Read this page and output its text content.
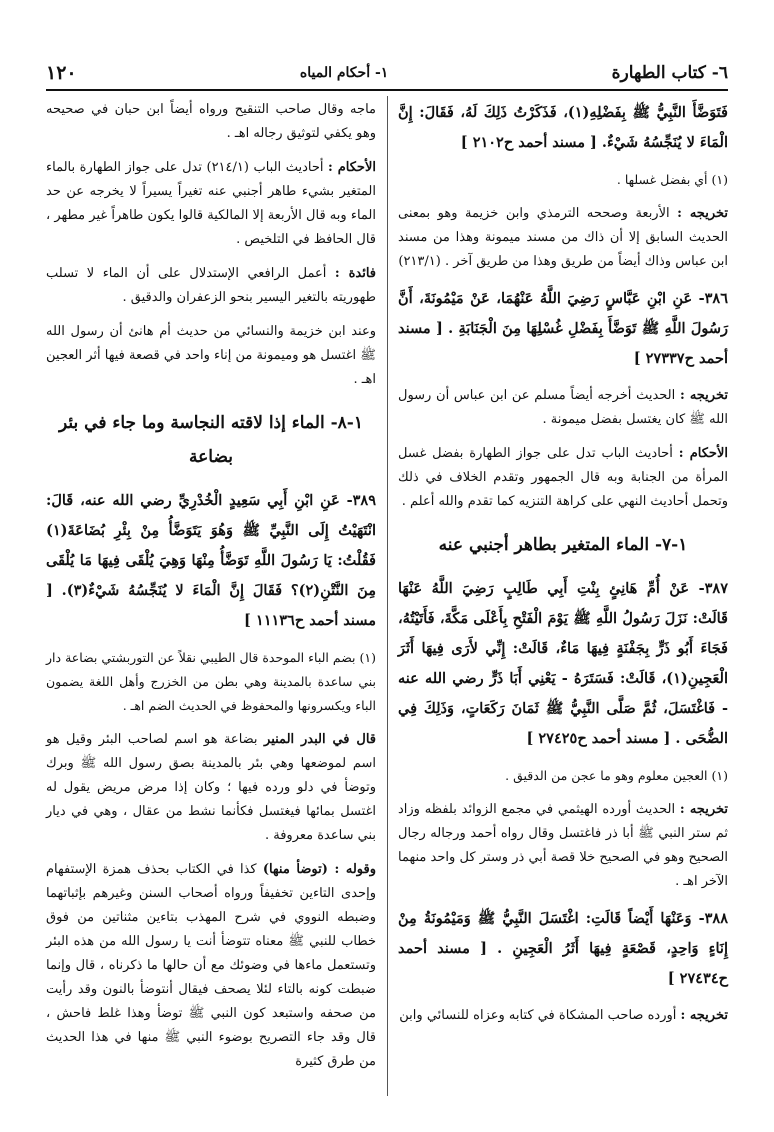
٦- كتاب الطهارة
١- أحكام المياه
١٢٠

فَتَوَضَّأَ النَّبِيُّ ﷺ بِفَضْلِهِ(١)، فَذَكَرْتُ ذَلِكَ لَهُ، فَقَالَ: إِنَّ الْمَاءَ لا يُنَجِّسُهُ شَيْءٌ. [ مسند أحمد ح٢١٠٢ ]

(١) أي بفضل غسلها .

تخريجه : الأربعة وصححه الترمذي وابن خزيمة وهو بمعنى الحديث السابق إلا أن ذاك من مسند ميمونة وهذا من مسند ابن عباس وذاك أيضاً من طريق وهذا من طريق آخر . (٢١٣/١)

٣٨٦- عَنِ ابْنِ عَبَّاسٍ رَضِيَ اللَّهُ عَنْهُمَا، عَنْ مَيْمُونَةَ، أَنَّ رَسُولَ اللَّهِ ﷺ تَوَضَّأَ بِفَضْلِ غُسْلِهَا مِنَ الْجَنَابَةِ . [ مسند أحمد ح٢٧٣٣٧ ]

تخريجه : الحديث أخرجه أيضاً مسلم عن ابن عباس أن رسول الله ﷺ كان يغتسل بفضل ميمونة .

الأحكام : أحاديث الباب تدل على جواز الطهارة بفضل غسل المرأة من الجنابة وبه قال الجمهور وتقدم الخلاف في ذلك وتحمل أحاديث النهي على كراهة التنزيه كما تقدم والله أعلم .

١-٧- الماء المتغير بطاهر أجنبي عنه

٣٨٧- عَنْ أُمِّ هَانِئٍ بِنْتِ أَبِي طَالِبٍ رَضِيَ اللَّهُ عَنْهَا قَالَتْ: نَزَلَ رَسُولُ اللَّهِ ﷺ يَوْمَ الْفَتْحِ بِأَعْلَى مَكَّةَ، فَأَتَيْتُهُ، فَجَاءَ أَبُو ذَرٍّ بِجَفْنَةٍ فِيهَا مَاءٌ، قَالَتْ: إِنِّي لأَرَى فِيهَا أَثَرَ الْعَجِينِ(١)، قَالَتْ: فَسَتَرَهُ - يَعْنِي أَبَا ذَرٍّ رضي الله عنه - فَاغْتَسَلَ، ثُمَّ صَلَّى النَّبِيُّ ﷺ ثَمَانَ رَكَعَاتٍ، وَذَلِكَ فِي الضُّحَى . [ مسند أحمد ح٢٧٤٢٥ ]

(١) العجين معلوم وهو ما عجن من الدقيق .

تخريجه : الحديث أورده الهيثمي في مجمع الزوائد بلفظه وزاد ثم ستر النبي ﷺ أبا ذر فاغتسل وقال رواه أحمد ورجاله رجال الصحيح وهو في الصحيح خلا قصة أبي ذر وستر كل واحد منهما الآخر اهـ .

٣٨٨- وَعَنْهَا أَيْضاً قَالَتِ: اغْتَسَلَ النَّبِيُّ ﷺ وَمَيْمُونَةُ مِنْ إِنَاءٍ وَاحِدٍ، قَصْعَةٍ فِيهَا أَثَرُ الْعَجِينِ . [ مسند أحمد ح٢٧٤٣٤ ]

تخريجه : أورده صاحب المشكاة في كتابه وعزاه للنسائي وابن

ماجه وقال صاحب التنقيح ورواه أيضاً ابن حبان في صحيحه وهو يكفي لتوثيق رجاله اهـ .

الأحكام : أحاديث الباب (٢١٤/١) تدل على جواز الطهارة بالماء المتغير بشيء طاهر أجنبي عنه تغيراً يسيراً لا يخرجه عن حد الماء وبه قال الأربعة إلا المالكية قالوا يكون طاهراً غير مطهر ، قال الحافظ في التلخيص .

فائدة : أعمل الرافعي الإستدلال على أن الماء لا تسلب طهوريته بالتغير اليسير بنحو الزعفران والدقيق .

وعند ابن خزيمة والنسائي من حديث أم هانئ أن رسول الله ﷺ اغتسل هو وميمونة من إناء واحد في قصعة فيها أثر العجين اهـ .

١-٨- الماء إذا لاقته النجاسة وما جاء في بئر بضاعة

٣٨٩- عَنِ ابْنِ أَبِي سَعِيدٍ الْخُدْرِيِّ رضي الله عنه، قَالَ: انْتَهَيْتُ إِلَى النَّبِيِّ ﷺ وَهُوَ يَتَوَضَّأُ مِنْ بِئْرِ بُضَاعَةَ(١) فَقُلْتُ: يَا رَسُولَ اللَّهِ تَوَضَّأُ مِنْهَا وَهِيَ يُلْقَى فِيهَا مَا يُلْقَى مِنَ النَّتْنِ(٢)؟ فَقَالَ إِنَّ الْمَاءَ لا يُنَجِّسُهُ شَيْءٌ(٣). [ مسند أحمد ح١١١٣٦ ]

(١) بضم الباء الموحدة قال الطيبي نقلاً عن التوربشتي بضاعة دار بني ساعدة بالمدينة وهي بطن من الخزرج وأهل اللغة يضمون الباء ويكسرونها والمحفوظ في الحديث الضم اهـ .

قال في البدر المنير بضاعة هو اسم لصاحب البئر وقيل هو اسم لموضعها وهي بئر بالمدينة بصق رسول الله ﷺ وبرك وتوضأ في دلو ورده فيها ؛ وكان إذا مرض مريض يقول له اغتسل بمائها فيغتسل فكأنما نشط من عقال ، وهي في ديار بني ساعدة معروفة .

وقوله : (توضأ منها) كذا في الكتاب بحذف همزة الإستفهام وإحدى التاءين تخفيفاً ورواه أصحاب السنن وغيرهم بإثباتهما وضبطه النووي في شرح المهذب بتاءين مثناتين من فوق خطاب للنبي ﷺ معناه تتوضأ أنت يا رسول الله من هذه البئر وتستعمل ماءها في وضوئك مع أن حالها ما ذكرناه ، قال وإنما ضبطت كونه بالتاء لئلا يصحف فيقال أنتوضأ بالنون وقد رأيت من صحفه واستبعد كون النبي ﷺ توضأ وهذا غلط فاحش ، قال وقد جاء التصريح بوضوء النبي ﷺ منها في هذا الحديث من طرق كثيرة
